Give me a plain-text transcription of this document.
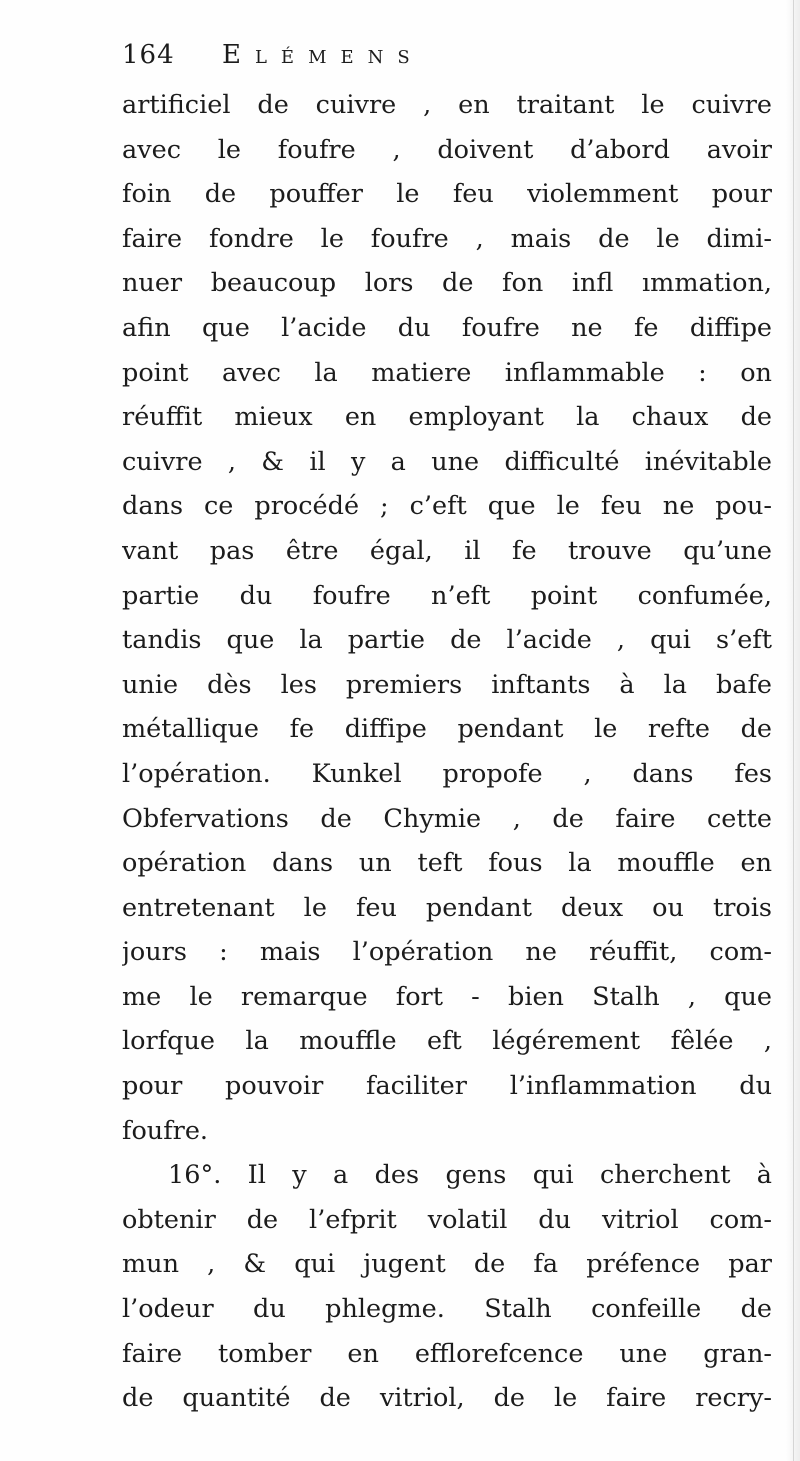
164	Elémens
artificiel de cuivre , en traitant le cuivre
avec le foufre , doivent d’abord avoir
foin de pouffer le feu violemment pour
faire fondre le foufre , mais de le dimi-
nuer beaucoup lors de fon infl ımmation,
afin que l’acide du foufre ne fe diffipe
point avec la matiere inflammable : on
réuffit mieux en employant la chaux de
cuivre , & il y a une difficulté inévitable
dans ce procédé ; c’eft que le feu ne pou-
vant pas être égal, il fe trouve qu’une
partie du foufre n’eft point confumée,
tandis que la partie de l’acide , qui s’eft
unie dès les premiers inftants à la bafe
métallique fe diffipe pendant le refte de
l’opération. Kunkel propofe , dans fes
Obfervations de Chymie , de faire cette
opération dans un teft fous la mouffle en
entretenant le feu pendant deux ou trois
jours : mais l’opération ne réuffit, com-
me le remarque fort - bien Stalh , que
lorfque la mouffle eft légérement fêlée ,
pour pouvoir faciliter l’inflammation du
foufre.
16°. Il y a des gens qui cherchent à
obtenir de l’efprit volatil du vitriol com-
mun , & qui jugent de fa préfence par
l’odeur du phlegme. Stalh confeille de
faire tomber en efflorefcence une gran-
de quantité de vitriol, de le faire recry-
